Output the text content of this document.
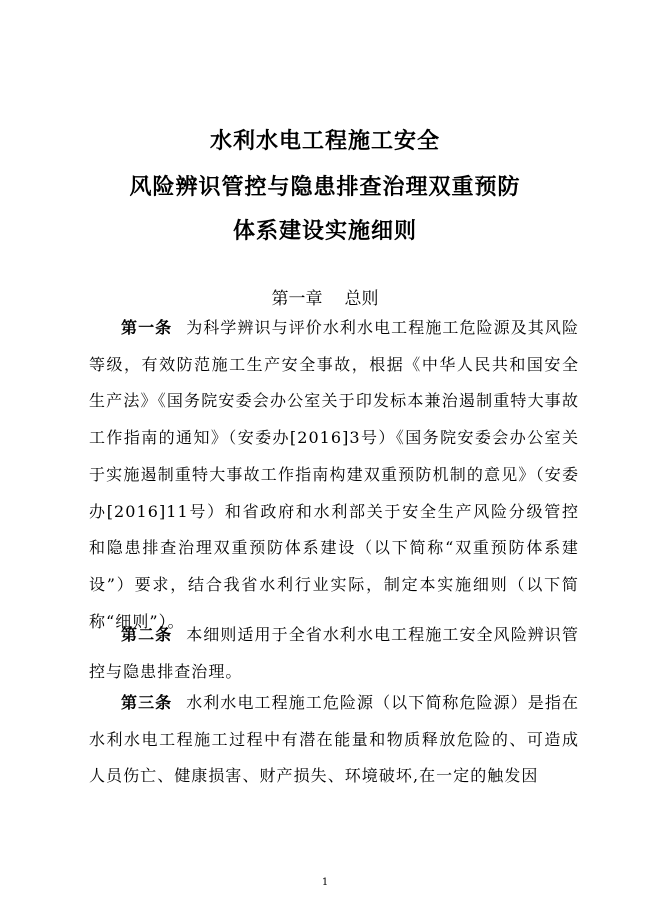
水利水电工程施工安全
风险辨识管控与隐患排查治理双重预防
体系建设实施细则
第一章 总则

第一条 为科学辨识与评价水利水电工程施工危险源及其风险等级，有效防范施工生产安全事故，根据《中华人民共和国安全生产法》《国务院安委会办公室关于印发标本兼治遏制重特大事故工作指南的通知》（安委办[2016]3号）《国务院安委会办公室关于实施遏制重特大事故工作指南构建双重预防机制的意见》（安委办[2016]11号）和省政府和水利部关于安全生产风险分级管控和隐患排查治理双重预防体系建设（以下简称“双重预防体系建设”）要求，结合我省水利行业实际，制定本实施细则（以下简称“细则”）。

第二条 本细则适用于全省水利水电工程施工安全风险辨识管控与隐患排查治理。

第三条 水利水电工程施工危险源（以下简称危险源）是指在水利水电工程施工过程中有潜在能量和物质释放危险的、可造成人员伤亡、健康损害、财产损失、环境破坏,在一定的触发因

1
